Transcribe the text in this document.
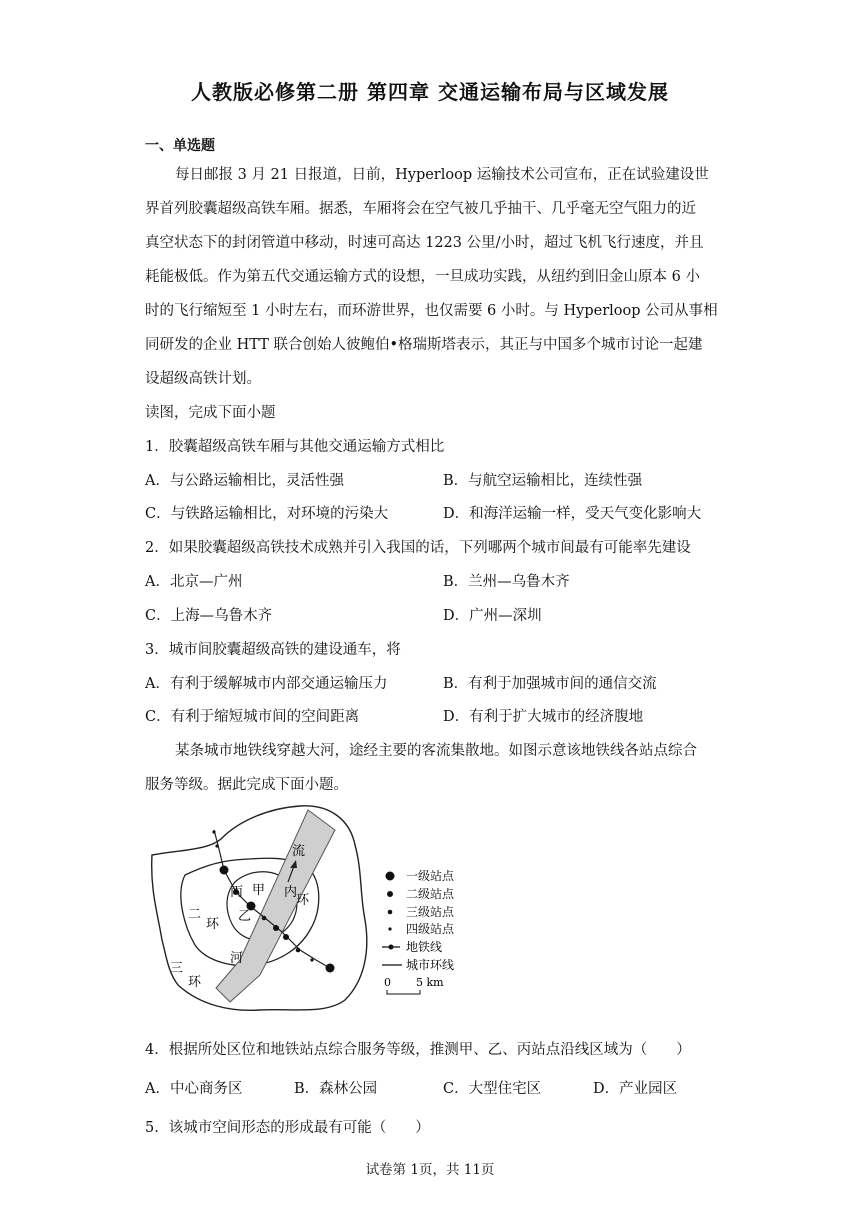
人教版必修第二册 第四章 交通运输布局与区域发展
一、单选题
每日邮报 3 月 21 日报道，日前，Hyperloop 运输技术公司宣布，正在试验建设世
界首列胶囊超级高铁车厢。据悉，车厢将会在空气被几乎抽干、几乎毫无空气阻力的近
真空状态下的封闭管道中移动，时速可高达 1223 公里/小时，超过飞机飞行速度，并且
耗能极低。作为第五代交通运输方式的设想，一旦成功实践，从纽约到旧金山原本 6 小
时的飞行缩短至 1 小时左右，而环游世界，也仅需要 6 小时。与 Hyperloop 公司从事相
同研发的企业 HTT 联合创始人彼鲍伯•格瑞斯塔表示，其正与中国多个城市讨论一起建
设超级高铁计划。
读图，完成下面小题
1．胶囊超级高铁车厢与其他交通运输方式相比
A．与公路运输相比，灵活性强	B．与航空运输相比，连续性强
C．与铁路运输相比，对环境的污染大	D．和海洋运输一样，受天气变化影响大
2．如果胶囊超级高铁技术成熟并引入我国的话，下列哪两个城市间最有可能率先建设
A．北京—广州	B．兰州—乌鲁木齐
C．上海—乌鲁木齐	D．广州—深圳
3．城市间胶囊超级高铁的建设通车，将
A．有利于缓解城市内部交通运输压力	B．有利于加强城市间的通信交流
C．有利于缩短城市间的空间距离	D．有利于扩大城市的经济腹地
某条城市地铁线穿越大河，途经主要的客流集散地。如图示意该地铁线各站点综合
服务等级。据此完成下面小题。
流
河
丙 甲
乙
内
环
二
环
三
环
一级站点
二级站点
三级站点
四级站点
地铁线
城市环线
0 5 km
4．根据所处区位和地铁站点综合服务等级，推测甲、乙、丙站点沿线区域为（　　）
A．中心商务区	B．森林公园	C．大型住宅区	D．产业园区
5．该城市空间形态的形成最有可能（　　）
试卷第 1页，共 11页
